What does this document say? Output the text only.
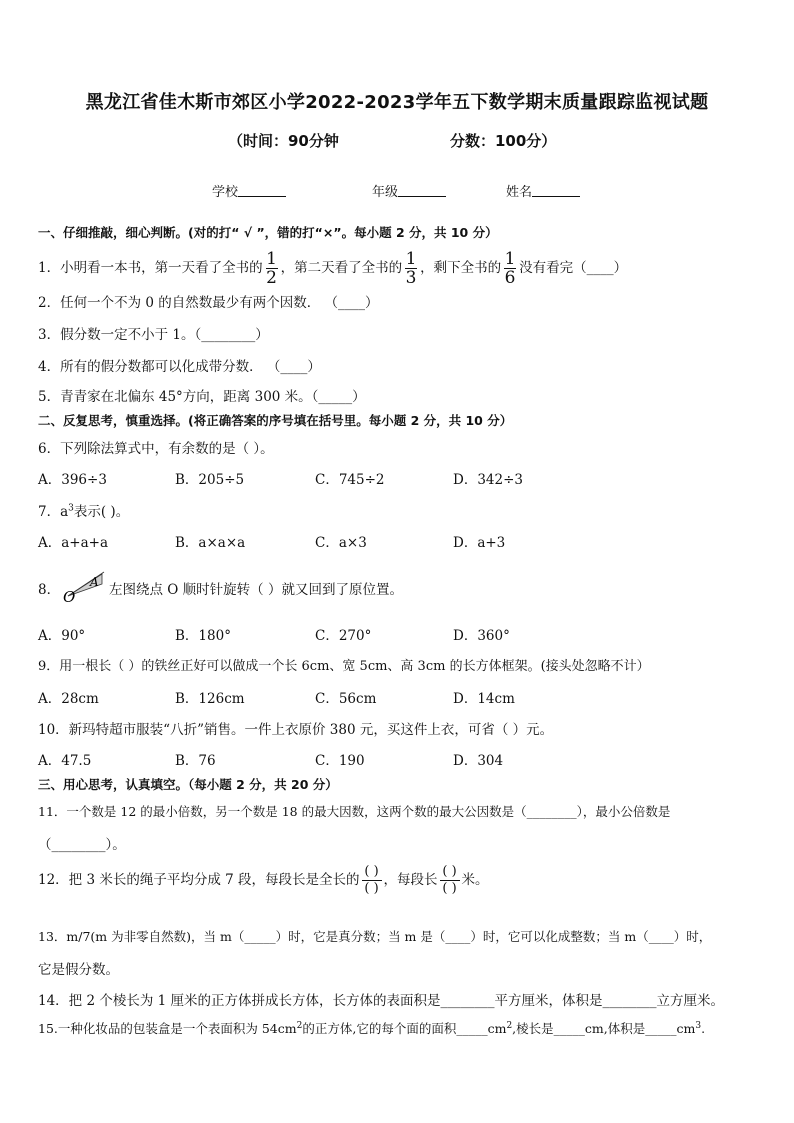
黑龙江省佳木斯市郊区小学2022-2023学年五下数学期末质量跟踪监视试题
（时间：90分钟	分数：100分）
学校	年级	姓名
一、仔细推敲，细心判断。(对的打“ √ ”，错的打“×”。每小题 2 分，共 10 分）
1．小明看一本书，第一天看了全书的 $\frac{1}{2}$ ，第二天看了全书的 $\frac{1}{3}$ ，剩下全书的 $\frac{1}{6}$ 没有看完（____）
2．任何一个不为 0 的自然数最少有两个因数． （____）
3．假分数一定不小于 1。（________）
4．所有的假分数都可以化成带分数． （____）
5．青青家在北偏东 45°方向，距离 300 米。（_____）
二、反复思考，慎重选择。(将正确答案的序号填在括号里。每小题 2 分，共 10 分）
6．下列除法算式中，有余数的是（ ）。
A．396÷3	B．205÷5	C．745÷2	D．342÷3
7．$a^3$表示( )。
A．a+a+a	B．a×a×a	C．a×3	D．a+3
8． O
A 左图绕点 O 顺时针旋转（ ）就又回到了原位置。
A．90°	B．180°	C．270°	D．360°
9．用一根长（ ）的铁丝正好可以做成一个长 6cm、宽 5cm、高 3cm 的长方体框架。(接头处忽略不计）
A．28cm	B．126cm	C．56cm	D．14cm
10．新玛特超市服装“八折”销售。一件上衣原价 380 元，买这件上衣，可省（ ）元。
A．47.5	B．76	C．190	D．304
三、用心思考，认真填空。（每小题 2 分，共 20 分）
11．一个数是 12 的最小倍数，另一个数是 18 的最大因数，这两个数的最大公因数是（________），最小公倍数是
（________）。
12．把 3 米长的绳子平均分成 7 段，每段长是全长的
( )
( )
，每段长
( )
( )
米。
13．m/7(m 为非零自然数)，当 m（_____）时，它是真分数；当 m 是（____）时，它可以化成整数；当 m（____）时，
它是假分数。
14．把 2 个棱长为 1 厘米的正方体拼成长方体，长方体的表面积是________平方厘米，体积是________立方厘米。
15.一种化妆品的包装盒是一个表面积为 $54cm^2$的正方体,它的每个面的面积$\_\_\_\_\_cm^2$,棱长是_____cm,体积是$\_\_\_\_\_cm^3$.
